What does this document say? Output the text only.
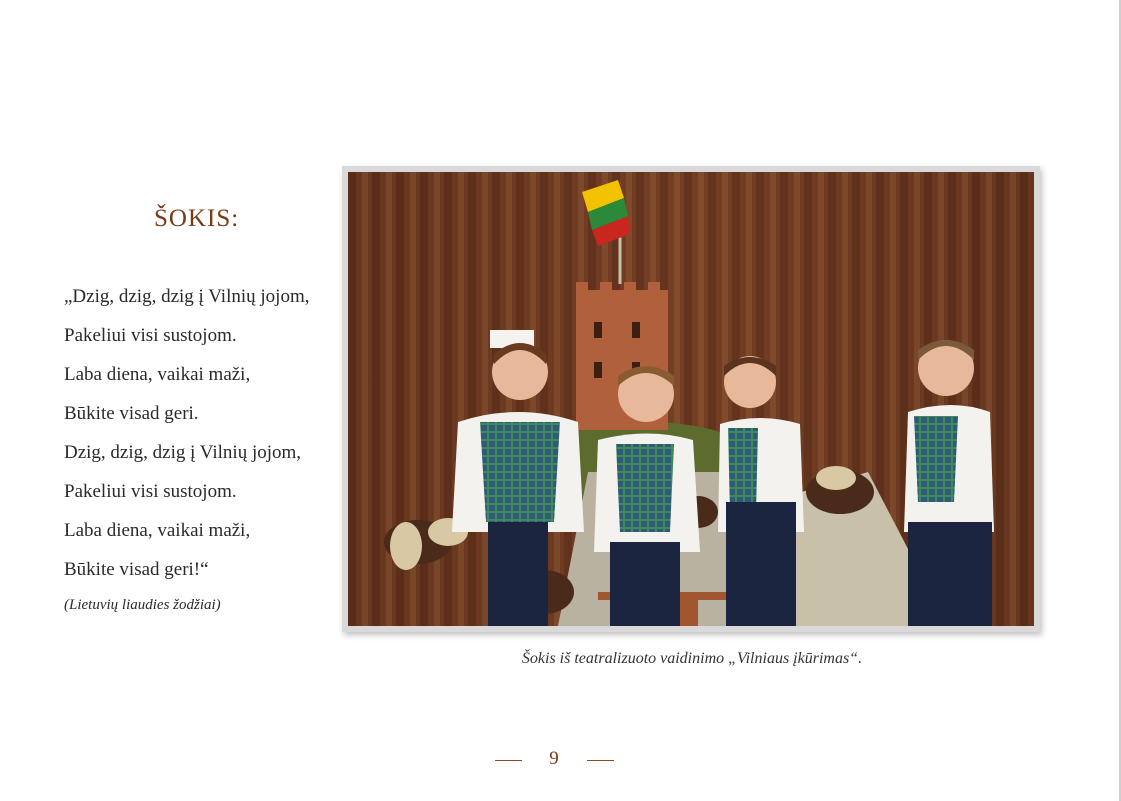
ŠOKIS:
„Dzig, dzig, dzig į Vilnių jojom,
Pakeliui visi sustojom.
Laba diena, vaikai maži,
Būkite visad geri.
Dzig, dzig, dzig į Vilnių jojom,
Pakeliui visi sustojom.
Laba diena, vaikai maži,
Būkite visad geri!“
(Lietuvių liaudies žodžiai)
Šokis iš teatralizuoto vaidinimo „Vilniaus įkūrimas“.
9
